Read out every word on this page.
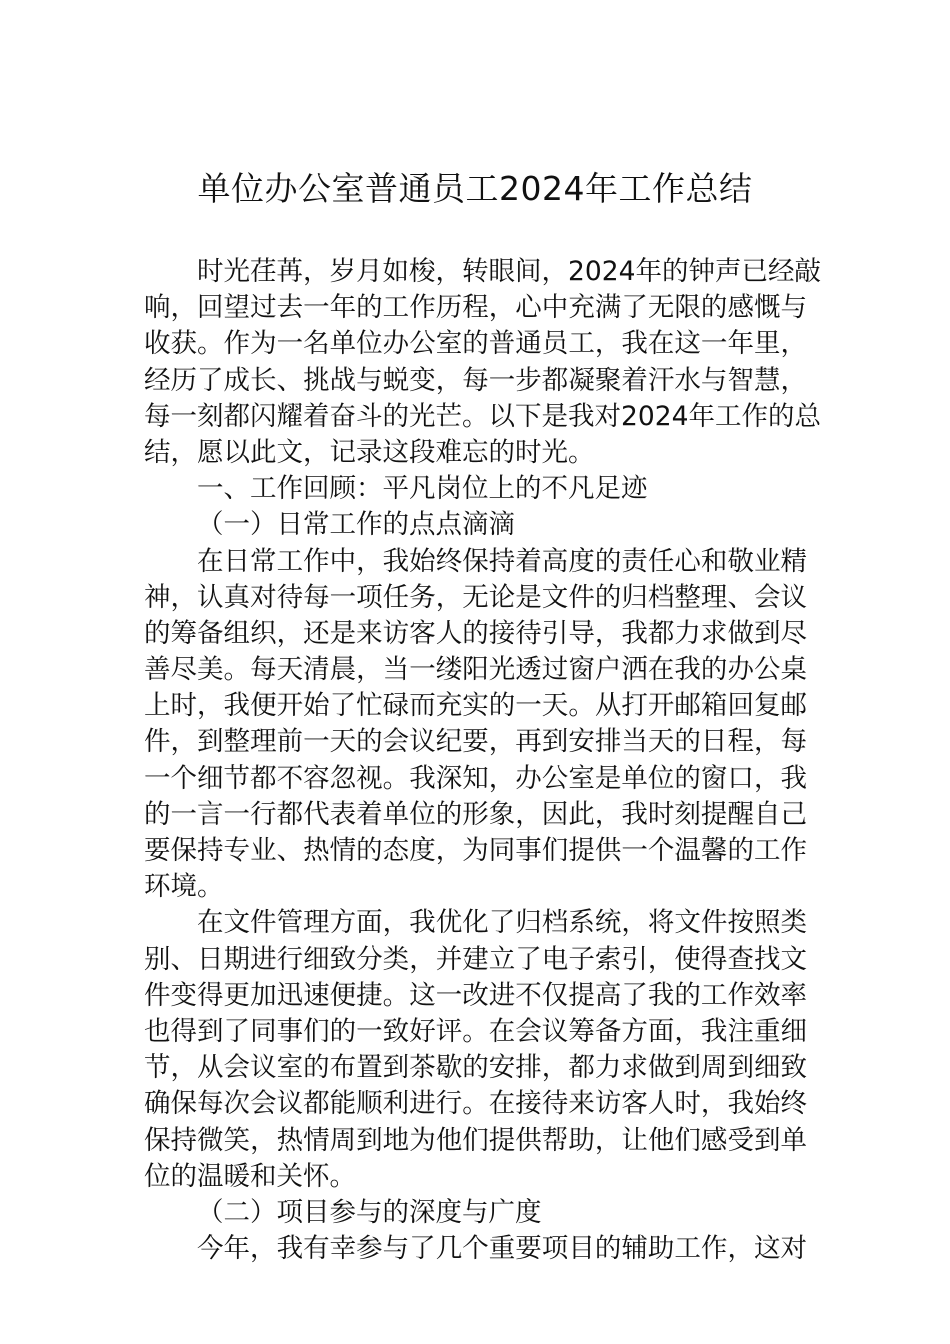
单位办公室普通员工2024年工作总结
时光荏苒，岁月如梭，转眼间，2024年的钟声已经敲
响，回望过去一年的工作历程，心中充满了无限的感慨与
收获。作为一名单位办公室的普通员工，我在这一年里，
经历了成长、挑战与蜕变，每一步都凝聚着汗水与智慧，
每一刻都闪耀着奋斗的光芒。以下是我对2024年工作的总
结，愿以此文，记录这段难忘的时光。
一、工作回顾：平凡岗位上的不凡足迹
（一）日常工作的点点滴滴
在日常工作中，我始终保持着高度的责任心和敬业精
神，认真对待每一项任务，无论是文件的归档整理、会议
的筹备组织，还是来访客人的接待引导，我都力求做到尽
善尽美。每天清晨，当一缕阳光透过窗户洒在我的办公桌
上时，我便开始了忙碌而充实的一天。从打开邮箱回复邮
件，到整理前一天的会议纪要，再到安排当天的日程，每
一个细节都不容忽视。我深知，办公室是单位的窗口，我
的一言一行都代表着单位的形象，因此，我时刻提醒自己
要保持专业、热情的态度，为同事们提供一个温馨的工作
环境。
在文件管理方面，我优化了归档系统，将文件按照类
别、日期进行细致分类，并建立了电子索引，使得查找文
件变得更加迅速便捷。这一改进不仅提高了我的工作效率
也得到了同事们的一致好评。在会议筹备方面，我注重细
节，从会议室的布置到茶歇的安排，都力求做到周到细致
确保每次会议都能顺利进行。在接待来访客人时，我始终
保持微笑，热情周到地为他们提供帮助，让他们感受到单
位的温暖和关怀。
（二）项目参与的深度与广度
今年，我有幸参与了几个重要项目的辅助工作，这对
